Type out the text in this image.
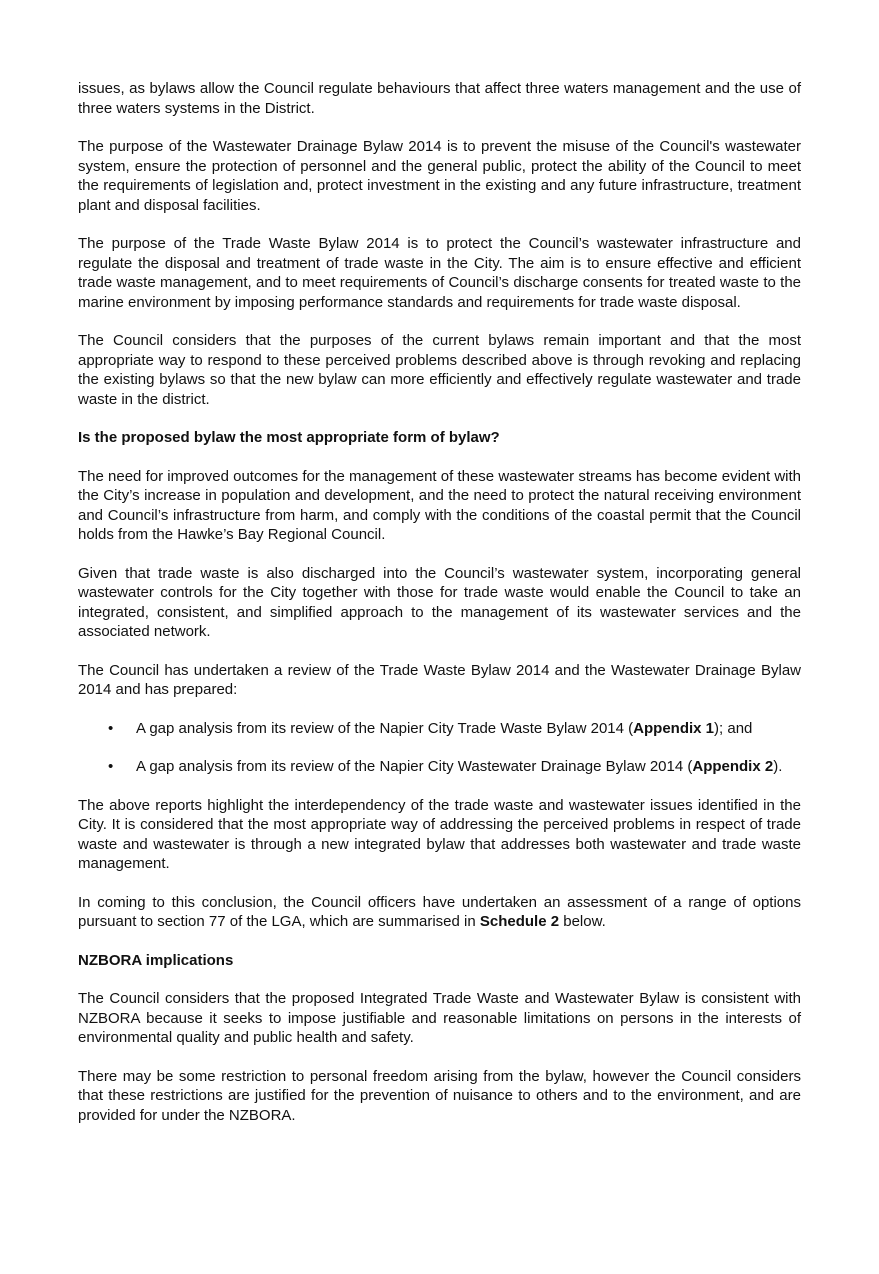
issues, as bylaws allow the Council regulate behaviours that affect three waters management and the use of three waters systems in the District.

The purpose of the Wastewater Drainage Bylaw 2014 is to prevent the misuse of the Council's wastewater system, ensure the protection of personnel and the general public, protect the ability of the Council to meet the requirements of legislation and, protect investment in the existing and any future infrastructure, treatment plant and disposal facilities.

The purpose of the Trade Waste Bylaw 2014 is to protect the Council’s wastewater infrastructure and regulate the disposal and treatment of trade waste in the City. The aim is to ensure effective and efficient trade waste management, and to meet requirements of Council’s discharge consents for treated waste to the marine environment by imposing performance standards and requirements for trade waste disposal.

The Council considers that the purposes of the current bylaws remain important and that the most appropriate way to respond to these perceived problems described above is through revoking and replacing the existing bylaws so that the new bylaw can more efficiently and effectively regulate wastewater and trade waste in the district.

Is the proposed bylaw the most appropriate form of bylaw?

The need for improved outcomes for the management of these wastewater streams has become evident with the City’s increase in population and development, and the need to protect the natural receiving environment and Council’s infrastructure from harm, and comply with the conditions of the coastal permit that the Council holds from the Hawke’s Bay Regional Council.

Given that trade waste is also discharged into the Council’s wastewater system, incorporating general wastewater controls for the City together with those for trade waste would enable the Council to take an integrated, consistent, and simplified approach to the management of its wastewater services and the associated network.

The Council has undertaken a review of the Trade Waste Bylaw 2014 and the Wastewater Drainage Bylaw 2014 and has prepared:

• A gap analysis from its review of the Napier City Trade Waste Bylaw 2014 (Appendix 1); and
• A gap analysis from its review of the Napier City Wastewater Drainage Bylaw 2014 (Appendix 2).

The above reports highlight the interdependency of the trade waste and wastewater issues identified in the City. It is considered that the most appropriate way of addressing the perceived problems in respect of trade waste and wastewater is through a new integrated bylaw that addresses both wastewater and trade waste management.

In coming to this conclusion, the Council officers have undertaken an assessment of a range of options pursuant to section 77 of the LGA, which are summarised in Schedule 2 below.

NZBORA implications

The Council considers that the proposed Integrated Trade Waste and Wastewater Bylaw is consistent with NZBORA because it seeks to impose justifiable and reasonable limitations on persons in the interests of environmental quality and public health and safety.

There may be some restriction to personal freedom arising from the bylaw, however the Council considers that these restrictions are justified for the prevention of nuisance to others and to the environment, and are provided for under the NZBORA.
